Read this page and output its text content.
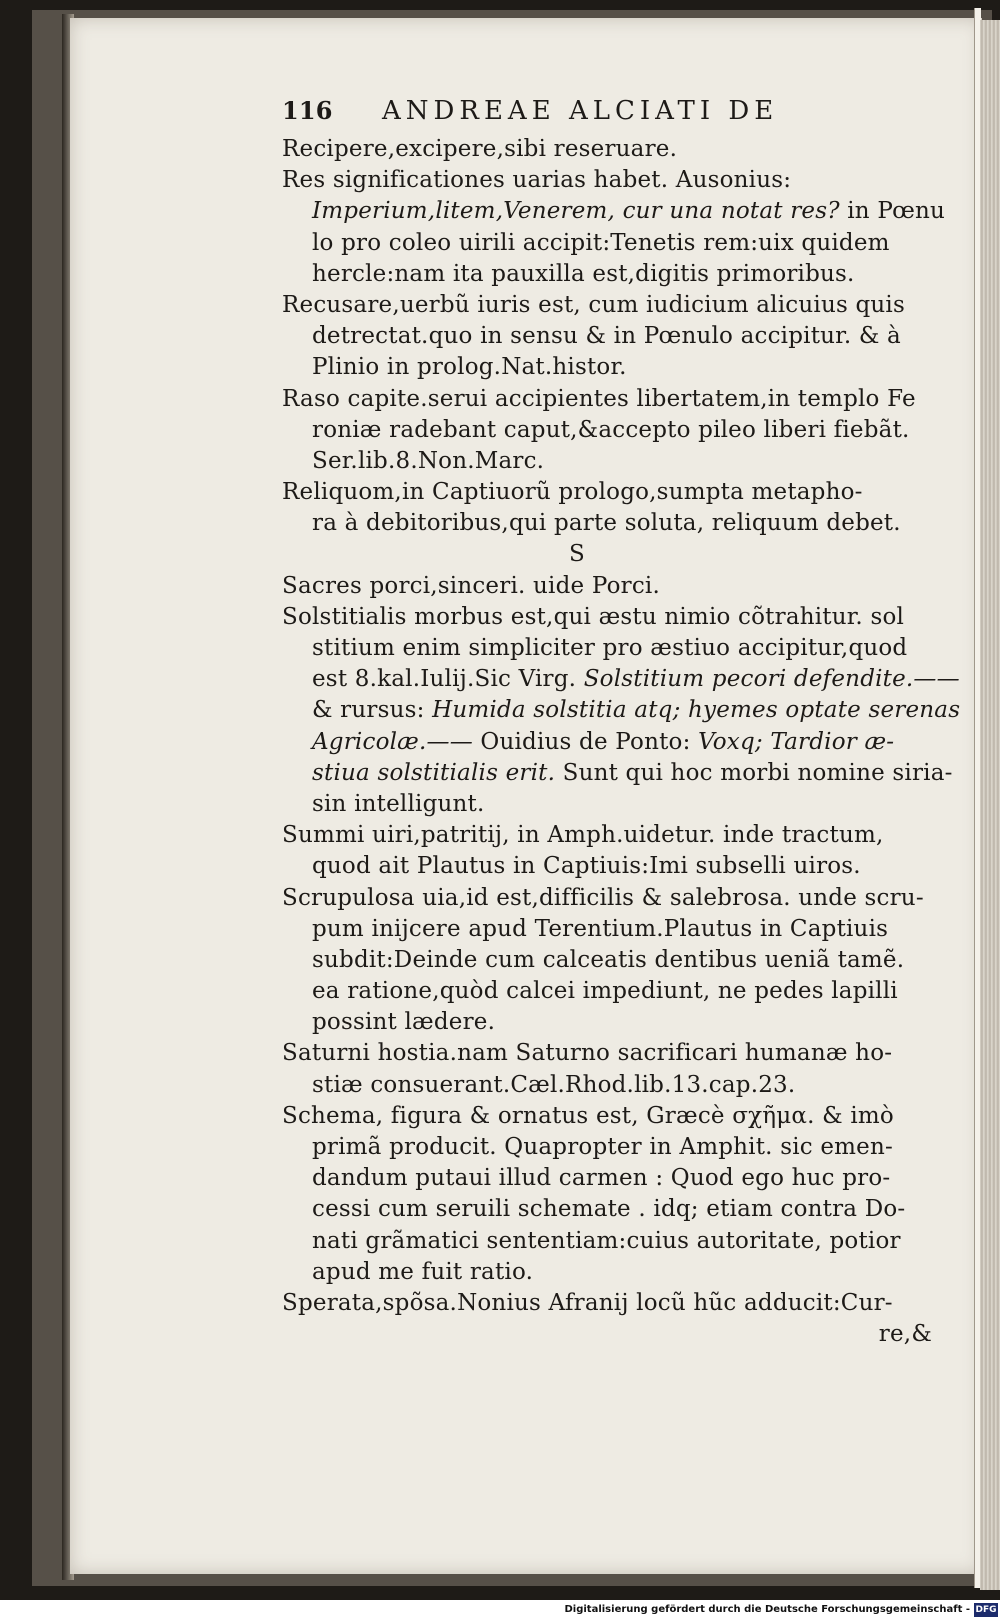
116	ANDREAE ALCIATI DE
Recipere,excipere,sibi reseruare.
Res significationes uarias habet. Ausonius:
Imperium,litem,Venerem, cur una notat res? in Pœnu
lo pro coleo uirili accipit:Tenetis rem:uix quidem
hercle:nam ita pauxilla est,digitis primoribus.
Recusare,uerbũ iuris est, cum iudicium alicuius quis
detrectat.quo in sensu & in Pœnulo accipitur. & à
Plinio in prolog.Nat.histor.
Raso capite.serui accipientes libertatem,in templo Fe
roniæ radebant caput,&accepto pileo liberi fiebãt.
Ser.lib.8.Non.Marc.
Reliquom,in Captiuorũ prologo,sumpta metapho-
ra à debitoribus,qui parte soluta, reliquum debet.
S
Sacres porci,sinceri. uide Porci.
Solstitialis morbus est,qui æstu nimio cõtrahitur. sol
stitium enim simpliciter pro æstiuo accipitur,quod
est 8.kal.Iulij.Sic Virg. Solstitium pecori defendite.——
& rursus: Humida solstitia atq; hyemes optate serenas
Agricolæ.—— Ouidius de Ponto: Voxq; Tardior æ-
stiua solstitialis erit. Sunt qui hoc morbi nomine siria-
sin intelligunt.
Summi uiri,patritij, in Amph.uidetur. inde tractum,
quod ait Plautus in Captiuis:Imi subselli uiros.
Scrupulosa uia,id est,difficilis & salebrosa. unde scru-
pum inijcere apud Terentium.Plautus in Captiuis
subdit:Deinde cum calceatis dentibus ueniã tamẽ.
ea ratione,quòd calcei impediunt, ne pedes lapilli
possint lædere.
Saturni hostia.nam Saturno sacrificari humanæ ho-
stiæ consuerant.Cæl.Rhod.lib.13.cap.23.
Schema, figura & ornatus est, Græcè σχῆμα. & imò
primã producit. Quapropter in Amphit. sic emen-
dandum putaui illud carmen : Quod ego huc pro-
cessi cum seruili schemate . idq; etiam contra Do-
nati grãmatici sententiam:cuius autoritate, potior
apud me fuit ratio.
Sperata,spõsa.Nonius Afranij locũ hũc adducit:Cur-
re,&
Digitalisierung gefördert durch die Deutsche Forschungsgemeinschaft - DFG
